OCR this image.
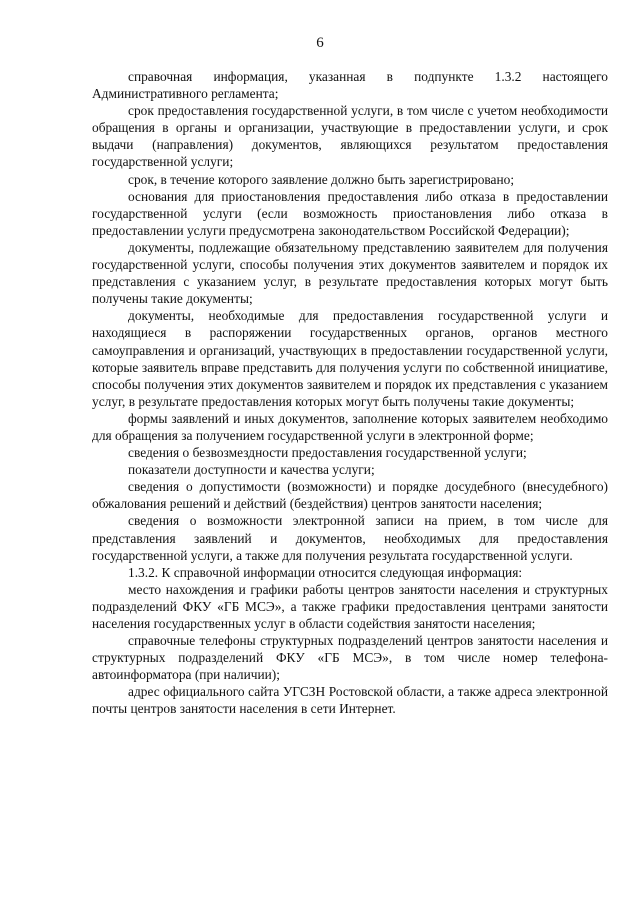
6

справочная информация, указанная в подпункте 1.3.2 настоящего Административного регламента;

срок предоставления государственной услуги, в том числе с учетом необходимости обращения в органы и организации, участвующие в предоставлении услуги, и срок выдачи (направления) документов, являющихся результатом предоставления государственной услуги;

срок, в течение которого заявление должно быть зарегистрировано;

основания для приостановления предоставления либо отказа в предоставлении государственной услуги (если возможность приостановления либо отказа в предоставлении услуги предусмотрена законодательством Российской Федерации);

документы, подлежащие обязательному представлению заявителем для получения государственной услуги, способы получения этих документов заявителем и порядок их представления с указанием услуг, в результате предоставления которых могут быть получены такие документы;

документы, необходимые для предоставления государственной услуги и находящиеся в распоряжении государственных органов, органов местного самоуправления и организаций, участвующих в предоставлении государственной услуги, которые заявитель вправе представить для получения услуги по собственной инициативе, способы получения этих документов заявителем и порядок их представления с указанием услуг, в результате предоставления которых могут быть получены такие документы;

формы заявлений и иных документов, заполнение которых заявителем необходимо для обращения за получением государственной услуги в электронной форме;

сведения о безвозмездности предоставления государственной услуги;

показатели доступности и качества услуги;

сведения о допустимости (возможности) и порядке досудебного (внесудебного) обжалования решений и действий (бездействия) центров занятости населения;

сведения о возможности электронной записи на прием, в том числе для представления заявлений и документов, необходимых для предоставления государственной услуги, а также для получения результата государственной услуги.

1.3.2. К справочной информации относится следующая информация:

место нахождения и графики работы центров занятости населения и структурных подразделений ФКУ «ГБ МСЭ», а также графики предоставления центрами занятости населения государственных услуг в области содействия занятости населения;

справочные телефоны структурных подразделений центров занятости населения и структурных подразделений ФКУ «ГБ МСЭ», в том числе номер телефона-автоинформатора (при наличии);

адрес официального сайта УГСЗН Ростовской области, а также адреса электронной почты центров занятости населения в сети Интернет.
